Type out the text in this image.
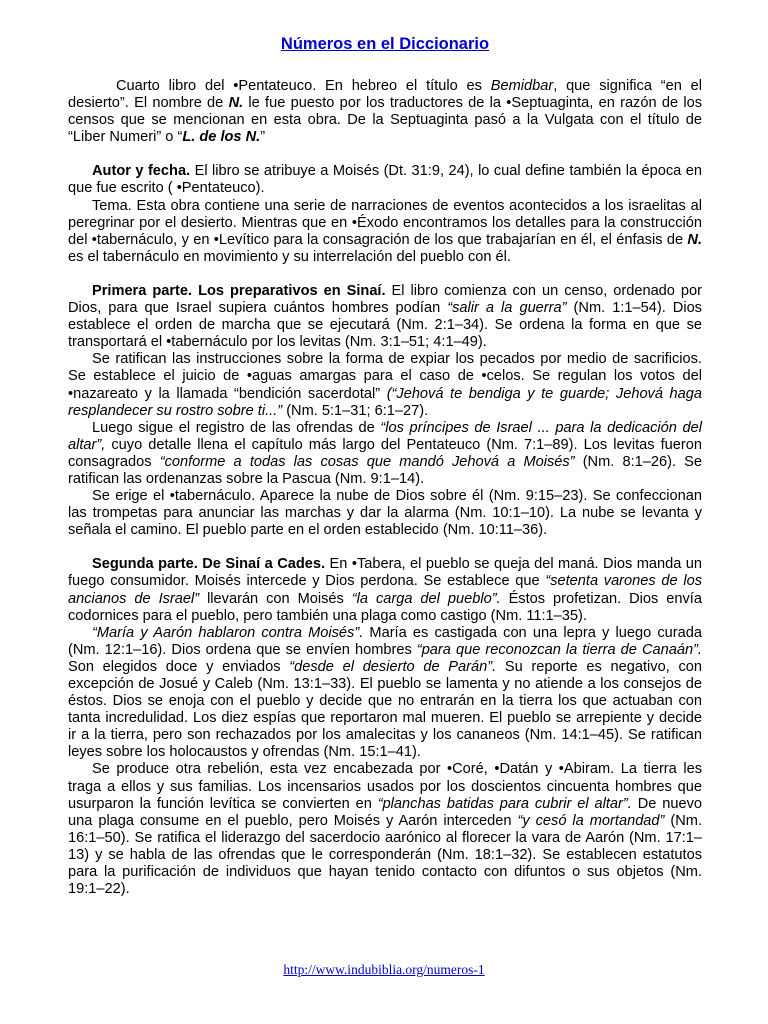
Números en el Diccionario

Cuarto libro del •Pentateuco. En hebreo el título es Bemidbar, que significa “en el desierto”. El nombre de N. le fue puesto por los traductores de la •Septuaginta, en razón de los censos que se mencionan en esta obra. De la Septuaginta pasó a la Vulgata con el título de “Liber Numeri” o “L. de los N.”

Autor y fecha. El libro se atribuye a Moisés (Dt. 31:9, 24), lo cual define también la época en que fue escrito ( •Pentateuco).

Tema. Esta obra contiene una serie de narraciones de eventos acontecidos a los israelitas al peregrinar por el desierto. Mientras que en •Éxodo encontramos los detalles para la construcción del •tabernáculo, y en •Levítico para la consagración de los que trabajarían en él, el énfasis de N. es el tabernáculo en movimiento y su interrelación del pueblo con él.

Primera parte. Los preparativos en Sinaí. El libro comienza con un censo, ordenado por Dios, para que Israel supiera cuántos hombres podían “salir a la guerra” (Nm. 1:1–54). Dios establece el orden de marcha que se ejecutará (Nm. 2:1–34). Se ordena la forma en que se transportará el •tabernáculo por los levitas (Nm. 3:1–51; 4:1–49).

Se ratifican las instrucciones sobre la forma de expiar los pecados por medio de sacrificios. Se establece el juicio de •aguas amargas para el caso de •celos. Se regulan los votos del •nazareato y la llamada “bendición sacerdotal” (“Jehová te bendiga y te guarde; Jehová haga resplandecer su rostro sobre ti...” (Nm. 5:1–31; 6:1–27).

Luego sigue el registro de las ofrendas de “los príncipes de Israel ... para la dedicación del altar”, cuyo detalle llena el capítulo más largo del Pentateuco (Nm. 7:1–89). Los levitas fueron consagrados “conforme a todas las cosas que mandó Jehová a Moisés” (Nm. 8:1–26). Se ratifican las ordenanzas sobre la Pascua (Nm. 9:1–14).

Se erige el •tabernáculo. Aparece la nube de Dios sobre él (Nm. 9:15–23). Se confeccionan las trompetas para anunciar las marchas y dar la alarma (Nm. 10:1–10). La nube se levanta y señala el camino. El pueblo parte en el orden establecido (Nm. 10:11–36).

Segunda parte. De Sinaí a Cades. En •Tabera, el pueblo se queja del maná. Dios manda un fuego consumidor. Moisés intercede y Dios perdona. Se establece que “setenta varones de los ancianos de Israel” llevarán con Moisés “la carga del pueblo”. Éstos profetizan. Dios envía codornices para el pueblo, pero también una plaga como castigo (Nm. 11:1–35).

“María y Aarón hablaron contra Moisés”. María es castigada con una lepra y luego curada (Nm. 12:1–16). Dios ordena que se envíen hombres “para que reconozcan la tierra de Canaán”. Son elegidos doce y enviados “desde el desierto de Parán”. Su reporte es negativo, con excepción de Josué y Caleb (Nm. 13:1–33). El pueblo se lamenta y no atiende a los consejos de éstos. Dios se enoja con el pueblo y decide que no entrarán en la tierra los que actuaban con tanta incredulidad. Los diez espías que reportaron mal mueren. El pueblo se arrepiente y decide ir a la tierra, pero son rechazados por los amalecitas y los cananeos (Nm. 14:1–45). Se ratifican leyes sobre los holocaustos y ofrendas (Nm. 15:1–41).

Se produce otra rebelión, esta vez encabezada por •Coré, •Datán y •Abiram. La tierra les traga a ellos y sus familias. Los incensarios usados por los doscientos cincuenta hombres que usurparon la función levítica se convierten en “planchas batidas para cubrir el altar”. De nuevo una plaga consume en el pueblo, pero Moisés y Aarón interceden “y cesó la mortandad” (Nm. 16:1–50). Se ratifica el liderazgo del sacerdocio aarónico al florecer la vara de Aarón (Nm. 17:1–13) y se habla de las ofrendas que le corresponderán (Nm. 18:1–32). Se establecen estatutos para la purificación de individuos que hayan tenido contacto con difuntos o sus objetos (Nm. 19:1–22).

http://www.indubiblia.org/numeros-1
